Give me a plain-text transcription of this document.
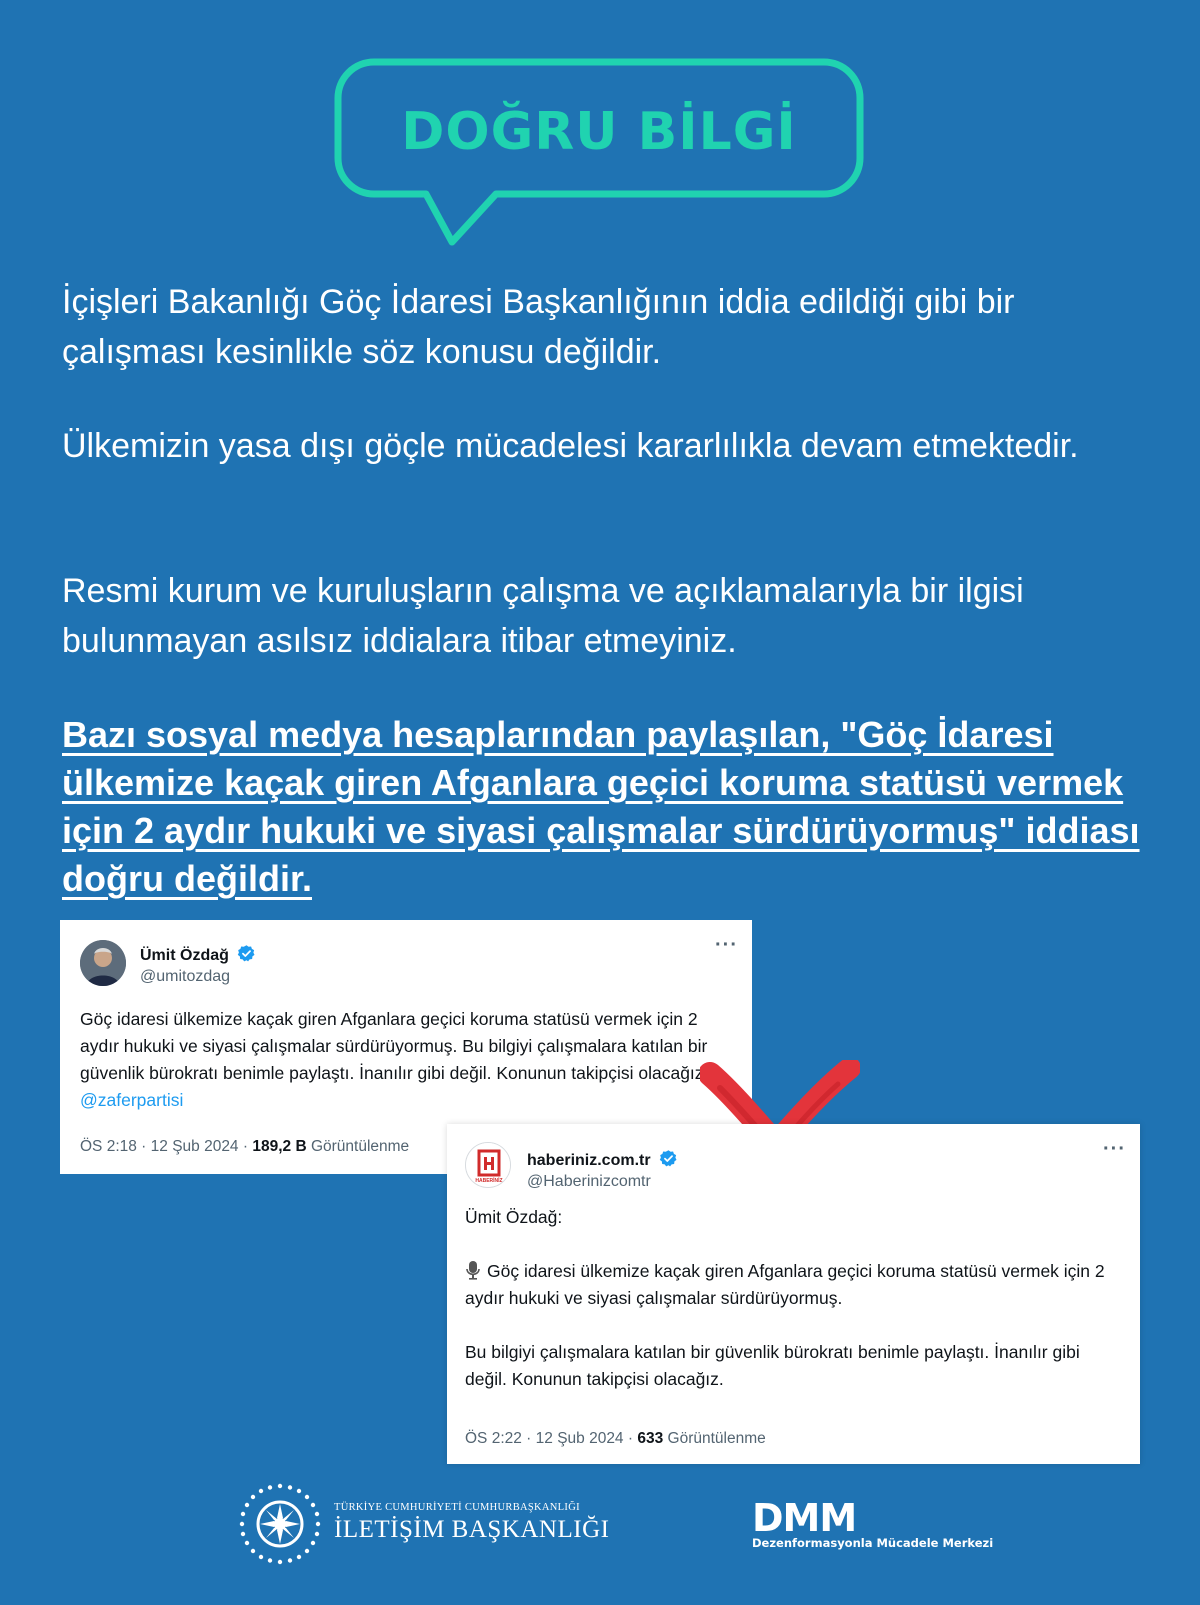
DOĞRU BİLGİ
İçişleri Bakanlığı Göç İdaresi Başkanlığının iddia edildiği gibi bir çalışması kesinlikle söz konusu değildir.
Ülkemizin yasa dışı göçle mücadelesi kararlılıkla devam etmektedir.
Resmi kurum ve kuruluşların çalışma ve açıklamalarıyla bir ilgisi bulunmayan asılsız iddialara itibar etmeyiniz.
Bazı sosyal medya hesaplarından paylaşılan, "Göç İdaresi ülkemize kaçak giren Afganlara geçici koruma statüsü vermek için 2 aydır hukuki ve siyasi çalışmalar sürdürüyormuş" iddiası doğru değildir.
Ümit Özdağ
@umitozdag
···
Göç idaresi ülkemize kaçak giren Afganlara geçici koruma statüsü vermek için 2 aydır hukuki ve siyasi çalışmalar sürdürüyormuş. Bu bilgiyi çalışmalara katılan bir güvenlik bürokratı benimle paylaştı. İnanılır gibi değil. Konunun takipçisi olacağız. @zaferpartisi
ÖS 2:18 · 12 Şub 2024 · 189,2 B Görüntülenme
HABERİNİZ
haberiniz.com.tr
@Haberinizcomtr
···
Ümit Özdağ:
Göç idaresi ülkemize kaçak giren Afganlara geçici koruma statüsü vermek için 2 aydır hukuki ve siyasi çalışmalar sürdürüyormuş.
Bu bilgiyi çalışmalara katılan bir güvenlik bürokratı benimle paylaştı. İnanılır gibi değil. Konunun takipçisi olacağız.
ÖS 2:22 · 12 Şub 2024 · 633 Görüntülenme
TÜRKİYE CUMHURİYETİ CUMHURBAŞKANLIĞI
İLETİŞİM BAŞKANLIĞI	DMM
Dezenformasyonla Mücadele Merkezi
